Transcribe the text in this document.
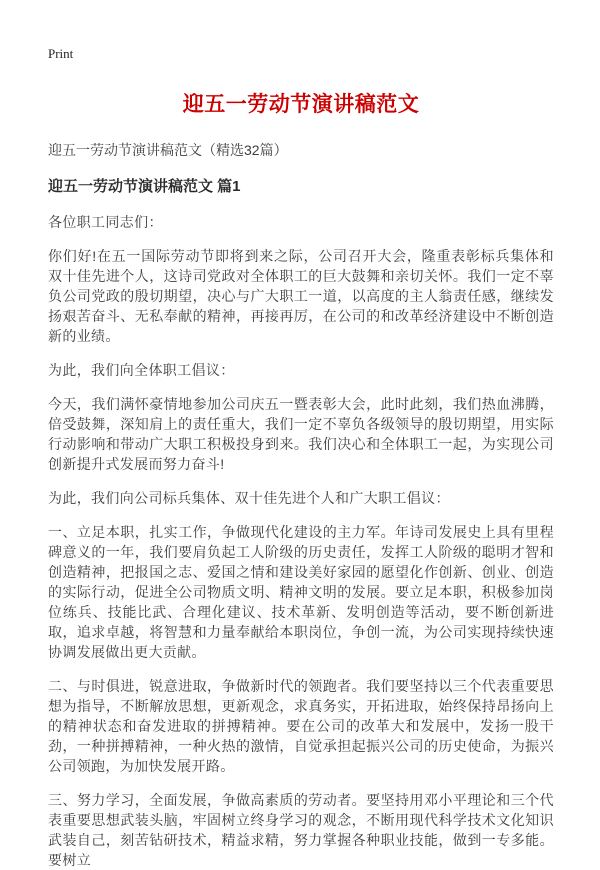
Print
迎五一劳动节演讲稿范文
迎五一劳动节演讲稿范文（精选32篇）
迎五一劳动节演讲稿范文 篇1

各位职工同志们：

你们好!在五一国际劳动节即将到来之际，公司召开大会，隆重表彰标兵集体和双十佳先进个人，这诗司党政对全体职工的巨大鼓舞和亲切关怀。我们一定不辜负公司党政的殷切期望，决心与广大职工一道，以高度的主人翁责任感，继续发扬艰苦奋斗、无私奉献的精神，再接再厉，在公司的和改革经济建设中不断创造新的业绩。

为此，我们向全体职工倡议：

今天，我们满怀豪情地参加公司庆五一暨表彰大会，此时此刻，我们热血沸腾，倍受鼓舞，深知肩上的责任重大，我们一定不辜负各级领导的殷切期望，用实际行动影响和带动广大职工积极投身到来。我们决心和全体职工一起，为实现公司创新提升式发展而努力奋斗!

为此，我们向公司标兵集体、双十佳先进个人和广大职工倡议：

一、立足本职，扎实工作，争做现代化建设的主力军。年诗司发展史上具有里程碑意义的一年，我们要肩负起工人阶级的历史责任，发挥工人阶级的聪明才智和创造精神，把报国之志、爱国之情和建设美好家园的愿望化作创新、创业、创造的实际行动，促进全公司物质文明、精神文明的发展。要立足本职，积极参加岗位练兵、技能比武、合理化建议、技术革新、发明创造等活动，要不断创新进取，追求卓越，将智慧和力量奉献给本职岗位，争创一流，为公司实现持续快速协调发展做出更大贡献。

二、与时俱进，锐意进取，争做新时代的领跑者。我们要坚持以三个代表重要思想为指导，不断解放思想，更新观念，求真务实，开拓进取，始终保持昂扬向上的精神状态和奋发进取的拼搏精神。要在公司的改革大和发展中，发扬一股干劲，一种拼搏精神，一种火热的激情，自觉承担起振兴公司的历史使命，为振兴公司领跑，为加快发展开路。

三、努力学习，全面发展，争做高素质的劳动者。要坚持用邓小平理论和三个代表重要思想武装头脑，牢固树立终身学习的观念，不断用现代科学技术文化知识武装自己，刻苦钻研技术，精益求精，努力掌握各种职业技能，做到一专多能。要树立
